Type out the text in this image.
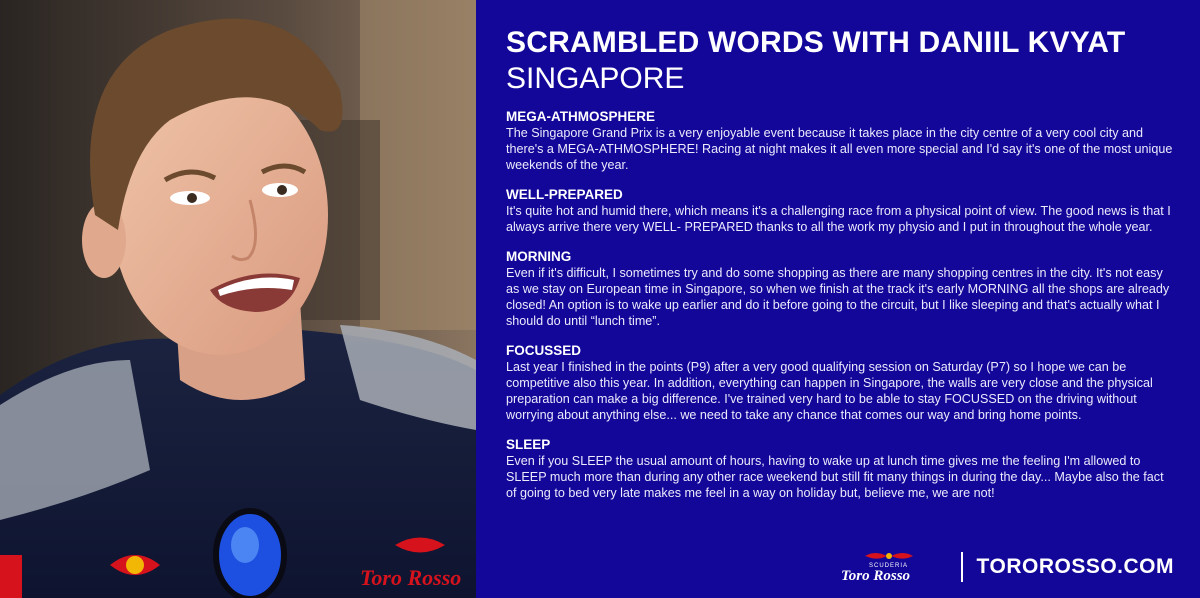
Toro Rosso
SCRAMBLED WORDS WITH DANIIL KVYAT
SINGAPORE
MEGA-ATHMOSPHERE

The Singapore Grand Prix is a very enjoyable event because it takes place in the city centre of a very cool city and there's a MEGA-ATHMOSPHERE! Racing at night makes it all even more special and I'd say it's one of the most unique weekends of the year.

WELL-PREPARED

It's quite hot and humid there, which means it's a challenging race from a physical point of view. The good news is that I always arrive there very WELL- PREPARED thanks to all the work my physio and I put in throughout the whole year.

MORNING

Even if it's difficult, I sometimes try and do some shopping as there are many shopping centres in the city. It's not easy as we stay on European time in Singapore, so when we finish at the track it's early MORNING all the shops are already closed! An option is to wake up earlier and do it before going to the circuit, but I like sleeping and that's actually what I should do until “lunch time”.

FOCUSSED

Last year I finished in the points (P9) after a very good qualifying session on Saturday (P7) so I hope we can be competitive also this year. In addition, everything can happen in Singapore, the walls are very close and the physical preparation can make a big difference. I've trained very hard to be able to stay FOCUSSED on the driving without worrying about anything else... we need to take any chance that comes our way and bring home points.

SLEEP

Even if you SLEEP the usual amount of hours, having to wake up at lunch time gives me the feeling I'm allowed to SLEEP much more than during any other race weekend but still fit many things in during the day... Maybe also the fact of going to bed very late makes me feel in a way on holiday but, believe me, we are not!

SCUDERIA
Toro Rosso	TOROROSSO.COM
